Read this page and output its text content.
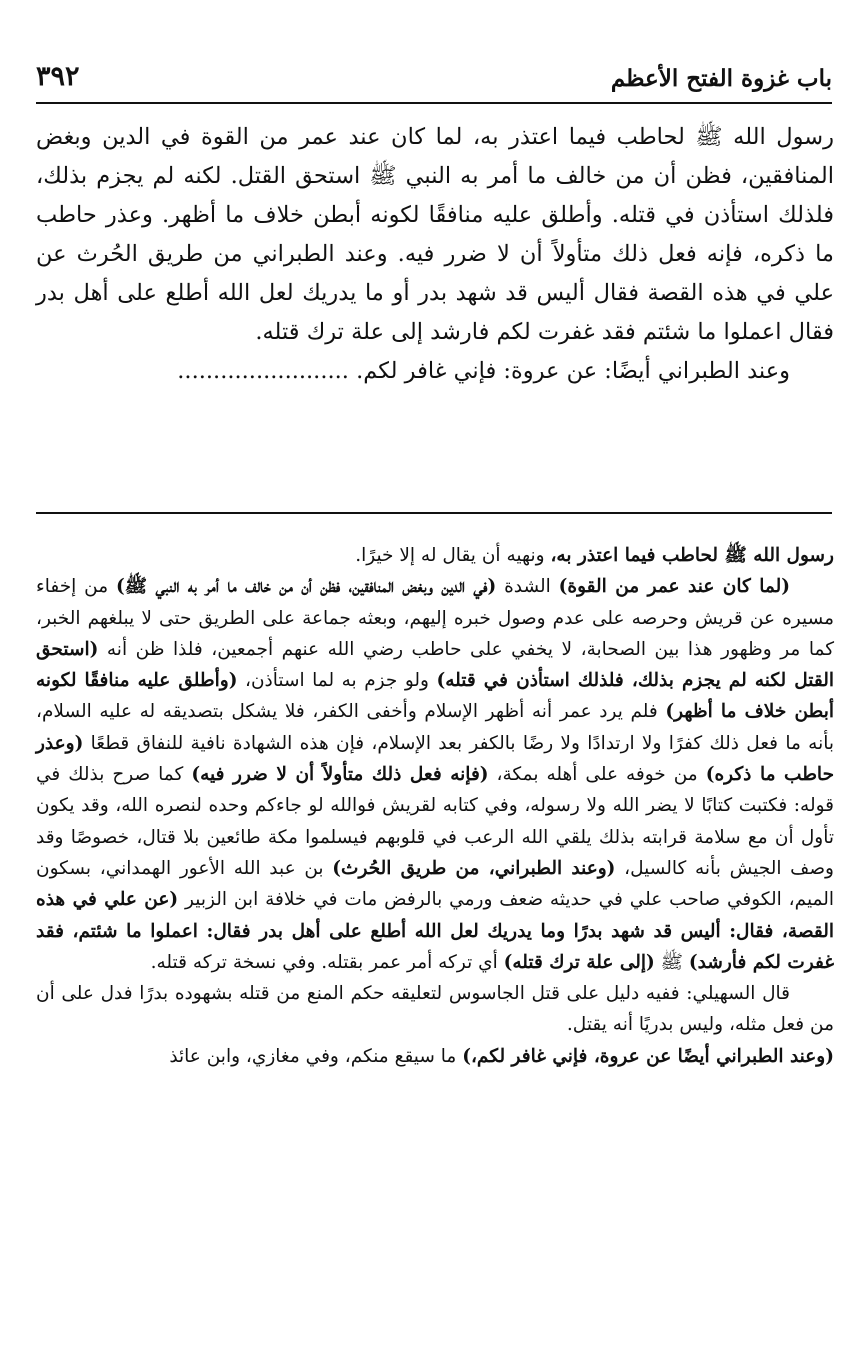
باب غزوة الفتح الأعظم
٣٩٢

رسول الله ﷺ لحاطب فيما اعتذر به، لما كان عند عمر من القوة في الدين وبغض المنافقين، فظن أن من خالف ما أمر به النبي ﷺ استحق القتل. لكنه لم يجزم بذلك، فلذلك استأذن في قتله. وأطلق عليه منافقًا لكونه أبطن خلاف ما أظهر. وعذر حاطب ما ذكره، فإنه فعل ذلك متأولاً أن لا ضرر فيه. وعند الطبراني من طريق الحُرث عن علي في هذه القصة فقال أليس قد شهد بدر أو ما يدريك لعل الله أطلع على أهل بدر فقال اعملوا ما شئتم فقد غفرت لكم فارشد إلى علة ترك قتله.

وعند الطبراني أيضًا: عن عروة: فإني غافر لكم. ........................

رسول الله ﷺ لحاطب فيما اعتذر به، ونهيه أن يقال له إلا خيرًا.

(لما كان عند عمر من القوة) الشدة (في الدين وبغض المنافقين، فظن أن من خالف ما أمر به النبي ﷺ) من إخفاء مسيره عن قريش وحرصه على عدم وصول خبره إليهم، وبعثه جماعة على الطريق حتى لا يبلغهم الخبر، كما مر وظهور هذا بين الصحابة، لا يخفي على حاطب رضي الله عنهم أجمعين، فلذا ظن أنه (استحق القتل لكنه لم يجزم بذلك، فلذلك استأذن في قتله) ولو جزم به لما استأذن، (وأطلق عليه منافقًا لكونه أبطن خلاف ما أظهر) فلم يرد عمر أنه أظهر الإسلام وأخفى الكفر، فلا يشكل بتصديقه له عليه السلام، بأنه ما فعل ذلك كفرًا ولا ارتدادًا ولا رضًا بالكفر بعد الإسلام، فإن هذه الشهادة نافية للنفاق قطعًا (وعذر حاطب ما ذكره) من خوفه على أهله بمكة، (فإنه فعل ذلك متأولاً أن لا ضرر فيه) كما صرح بذلك في قوله: فكتبت كتابًا لا يضر الله ولا رسوله، وفي كتابه لقريش فوالله لو جاءكم وحده لنصره الله، وقد يكون تأول أن مع سلامة قرابته بذلك يلقي الله الرعب في قلوبهم فيسلموا مكة طائعين بلا قتال، خصوصًا وقد وصف الجيش بأنه كالسيل، (وعند الطبراني، من طريق الحُرث) بن عبد الله الأعور الهمداني، بسكون الميم، الكوفي صاحب علي في حديثه ضعف ورمي بالرفض مات في خلافة ابن الزبير (عن علي في هذه القصة، فقال: أليس قد شهد بدرًا وما يدريك لعل الله أطلع على أهل بدر فقال: اعملوا ما شئتم، فقد غفرت لكم فأرشد) ﷺ (إلى علة ترك قتله) أي تركه أمر عمر بقتله. وفي نسخة تركه قتله.

قال السهيلي: ففيه دليل على قتل الجاسوس لتعليقه حكم المنع من قتله بشهوده بدرًا فدل على أن من فعل مثله، وليس بدريًا أنه يقتل.

(وعند الطبراني أيضًا عن عروة، فإني غافر لكم،) ما سيقع منكم، وفي مغازي، وابن عائذ
